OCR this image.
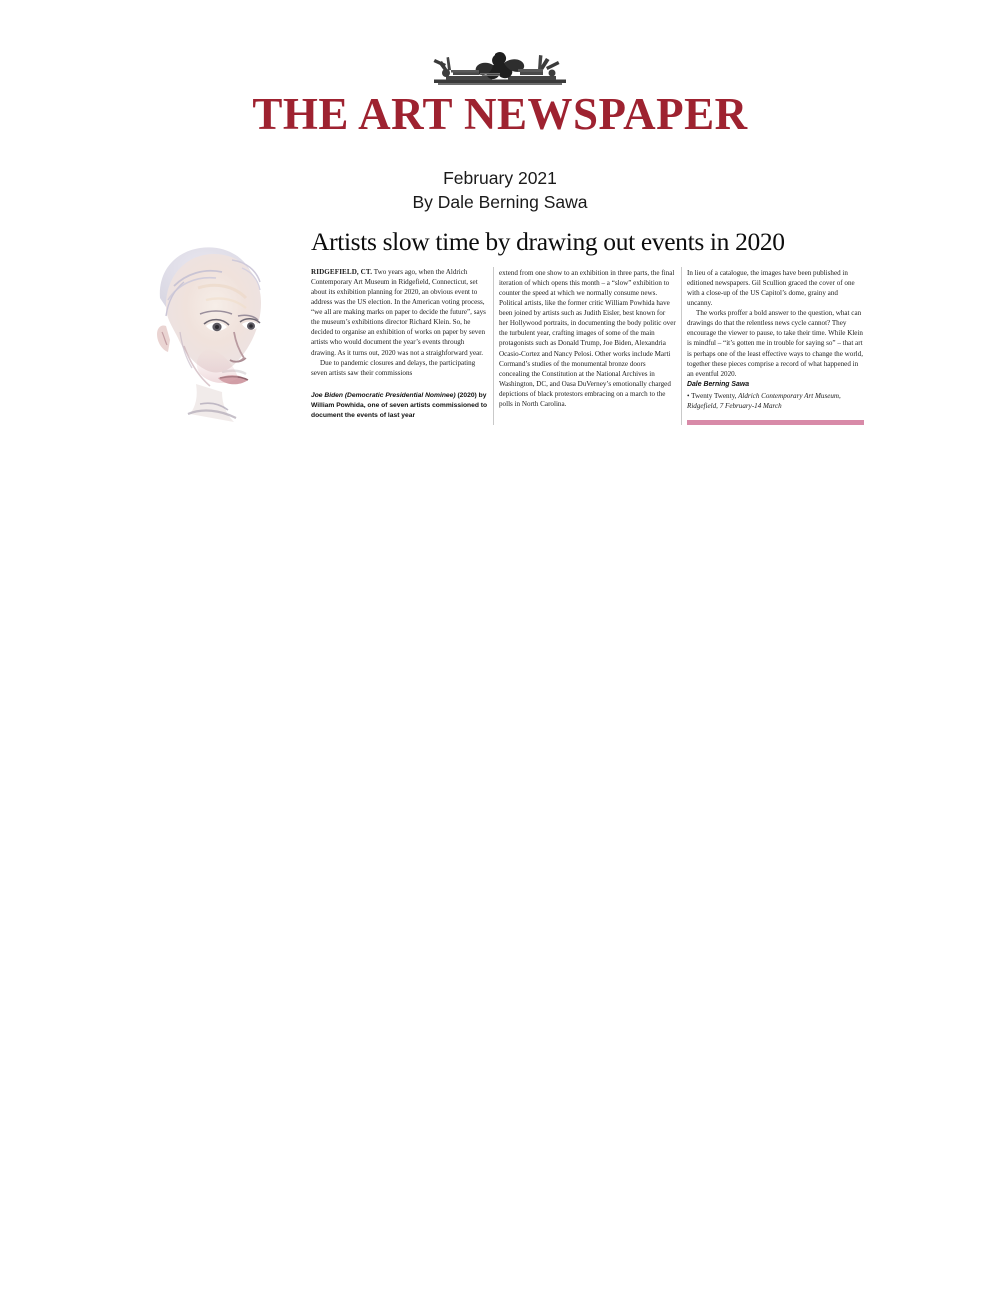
THE ART NEWSPAPER
February 2021
By Dale Berning Sawa
Artists slow time by drawing out events in 2020

RIDGEFIELD, CT. Two years ago, when the Aldrich Contemporary Art Museum in Ridgefield, Connecticut, set about its exhibition planning for 2020, an obvious event to address was the US election. In the American voting process, “we all are making marks on paper to decide the future”, says the museum’s exhibitions director Richard Klein. So, he decided to organise an exhibition of works on paper by seven artists who would document the year’s events through drawing. As it turns out, 2020 was not a straighforward year.

Due to pandemic closures and delays, the participating seven artists saw their commissions

Joe Biden (Democratic Presidential Nominee) (2020) by William Powhida, one of seven artists commissioned to document the events of last year

extend from one show to an exhibition in three parts, the final iteration of which opens this month – a “slow” exhibition to counter the speed at which we normally consume news. Political artists, like the former critic William Powhida have been joined by artists such as Judith Eisler, best known for her Hollywood portraits, in documenting the body politic over the turbulent year, crafting images of some of the main protagonists such as Donald Trump, Joe Biden, Alexandria Ocasio-Cortez and Nancy Pelosi. Other works include Marti Cormand’s studies of the monumental bronze doors concealing the Constitution at the National Archives in Washington, DC, and Oasa DuVerney’s emotionally charged depictions of black protestors embracing on a march to the polls in North Carolina.

In lieu of a catalogue, the images have been published in editioned newspapers. Gil Scullion graced the cover of one with a close-up of the US Capitol’s dome, grainy and uncanny.

The works proffer a bold answer to the question, what can drawings do that the relentless news cycle cannot? They encourage the viewer to pause, to take their time. While Klein is mindful – “it’s gotten me in trouble for saying so” – that art is perhaps one of the least effective ways to change the world, together these pieces comprise a record of what happened in an eventful 2020.

Dale Berning Sawa
• Twenty Twenty, Aldrich Contemporary Art Museum, Ridgefield, 7 February-14 March
